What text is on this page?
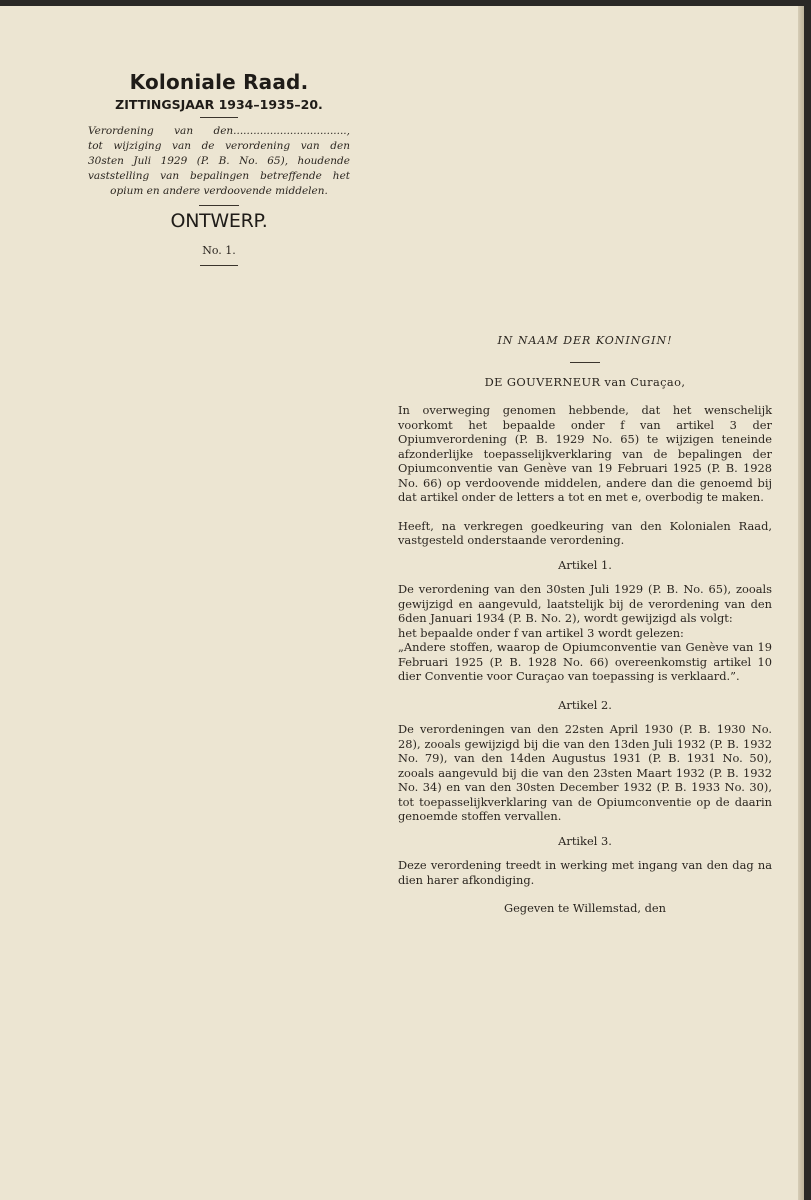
Koloniale Raad.
ZITTINGSJAAR 1934–1935–20.
Verordening van den..................................,
tot wijziging van de verordening van den
30sten Juli 1929 (P. B. No. 65), houdende
vaststelling van bepalingen betreffende het
opium en andere verdoovende middelen.
ONTWERP.
No. 1.
IN NAAM DER KONINGIN!
DE GOUVERNEUR van Curaçao,

In overweging genomen hebbende, dat het wenschelijk voorkomt het bepaalde onder f van artikel 3 der Opiumverordening (P. B. 1929 No. 65) te wijzigen teneinde afzonderlijke toepasselijkverklaring van de bepalingen der Opiumconventie van Genève van 19 Februari 1925 (P. B. 1928 No. 66) op verdoovende middelen, andere dan die genoemd bij dat artikel onder de letters a tot en met e, overbodig te maken.

Heeft, na verkregen goedkeuring van den Kolonialen Raad, vastgesteld onderstaande verordening.

Artikel 1.

De verordening van den 30sten Juli 1929 (P. B. No. 65), zooals gewijzigd en aangevuld, laatstelijk bij de verordening van den 6den Januari 1934 (P. B. No. 2), wordt gewijzigd als volgt:

het bepaalde onder f van artikel 3 wordt gelezen:

„Andere stoffen, waarop de Opiumconventie van Genève van 19 Februari 1925 (P. B. 1928 No. 66) overeenkomstig artikel 10 dier Conventie voor Curaçao van toepassing is verklaard.”.

Artikel 2.

De verordeningen van den 22sten April 1930 (P. B. 1930 No. 28), zooals gewijzigd bij die van den 13den Juli 1932 (P. B. 1932 No. 79), van den 14den Augustus 1931 (P. B. 1931 No. 50), zooals aangevuld bij die van den 23sten Maart 1932 (P. B. 1932 No. 34) en van den 30sten December 1932 (P. B. 1933 No. 30), tot toepasselijkverklaring van de Opiumconventie op de daarin genoemde stoffen vervallen.

Artikel 3.

Deze verordening treedt in werking met ingang van den dag na dien harer afkondiging.

Gegeven te Willemstad, den
